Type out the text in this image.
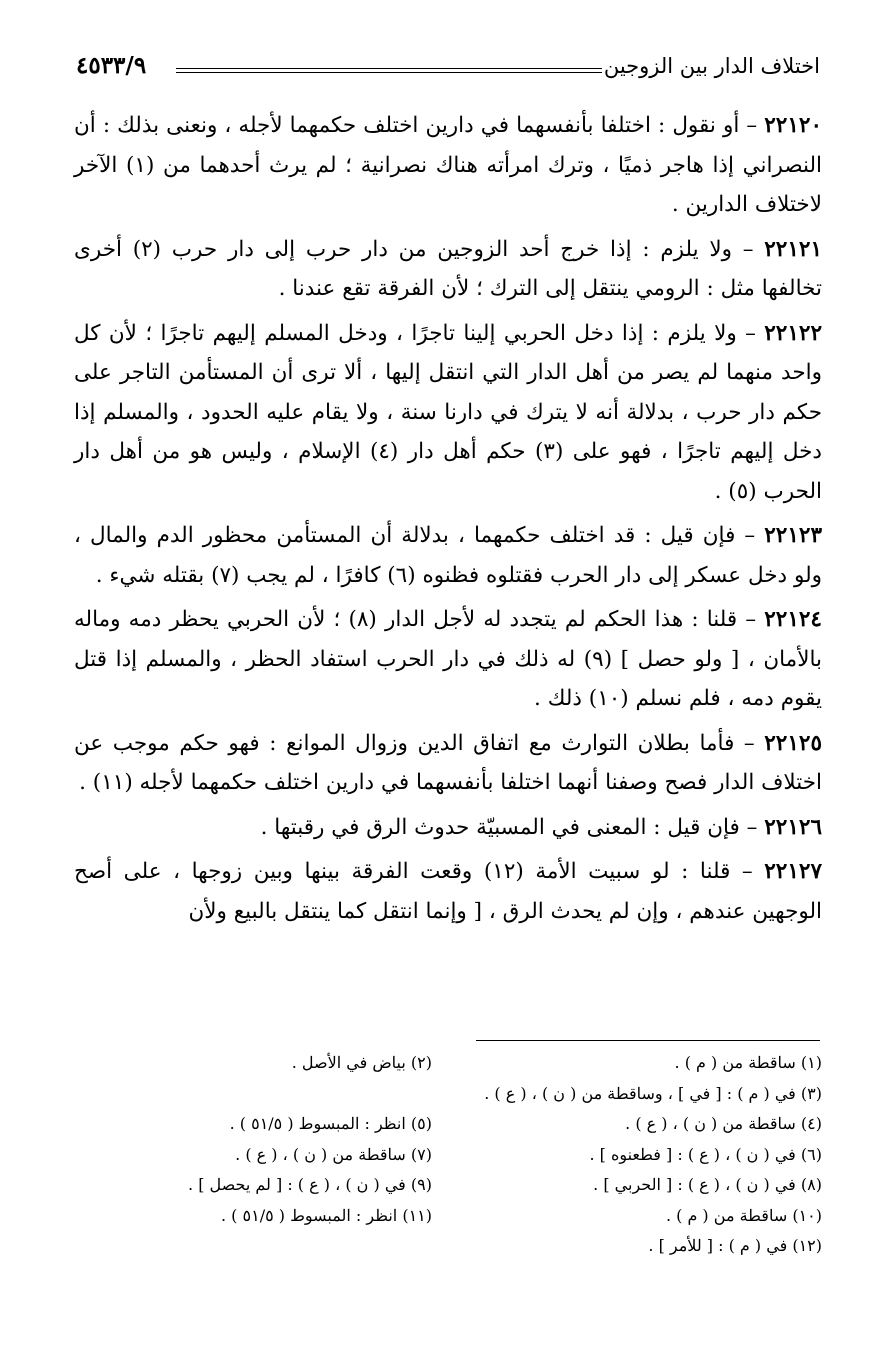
اختلاف الدار بين الزوجين
٤٥٣٣/٩

٢٢١٢٠ – أو نقول : اختلفا بأنفسهما في دارين اختلف حكمهما لأجله ، ونعنى بذلك : أن النصراني إذا هاجر ذميًا ، وترك امرأته هناك نصرانية ؛ لم يرث أحدهما من (١) الآخر لاختلاف الدارين .

٢٢١٢١ – ولا يلزم : إذا خرج أحد الزوجين من دار حرب إلى دار حرب (٢) أخرى تخالفها مثل : الرومي ينتقل إلى الترك ؛ لأن الفرقة تقع عندنا .

٢٢١٢٢ – ولا يلزم : إذا دخل الحربي إلينا تاجرًا ، ودخل المسلم إليهم تاجرًا ؛ لأن كل واحد منهما لم يصر من أهل الدار التي انتقل إليها ، ألا ترى أن المستأمن التاجر على حكم دار حرب ، بدلالة أنه لا يترك في دارنا سنة ، ولا يقام عليه الحدود ، والمسلم إذا دخل إليهم تاجرًا ، فهو على (٣) حكم أهل دار (٤) الإسلام ، وليس هو من أهل دار الحرب (٥) .

٢٢١٢٣ – فإن قيل : قد اختلف حكمهما ، بدلالة أن المستأمن محظور الدم والمال ، ولو دخل عسكر إلى دار الحرب فقتلوه فظنوه (٦) كافرًا ، لم يجب (٧) بقتله شيء .

٢٢١٢٤ – قلنا : هذا الحكم لم يتجدد له لأجل الدار (٨) ؛ لأن الحربي يحظر دمه وماله بالأمان ، [ ولو حصل ] (٩) له ذلك في دار الحرب استفاد الحظر ، والمسلم إذا قتل يقوم دمه ، فلم نسلم (١٠) ذلك .

٢٢١٢٥ – فأما بطلان التوارث مع اتفاق الدين وزوال الموانع : فهو حكم موجب عن اختلاف الدار فصح وصفنا أنهما اختلفا بأنفسهما في دارين اختلف حكمهما لأجله (١١) .

٢٢١٢٦ – فإن قيل : المعنى في المسبيّة حدوث الرق في رقبتها .

٢٢١٢٧ – قلنا : لو سبيت الأمة (١٢) وقعت الفرقة بينها وبين زوجها ، على أصح الوجهين عندهم ، وإن لم يحدث الرق ، [ وإنما انتقل كما ينتقل بالبيع ولأن

(١) ساقطة من ( م ) .
(٢) بياض في الأصل .
(٣) في ( م ) : [ في ] ، وساقطة من ( ن ) ، ( ع ) .
(٤) ساقطة من ( ن ) ، ( ع ) .
(٥) انظر : المبسوط ( ٥١/٥ ) .
(٦) في ( ن ) ، ( ع ) : [ فطعنوه ] .
(٧) ساقطة من ( ن ) ، ( ع ) .
(٨) في ( ن ) ، ( ع ) : [ الحربي ] .
(٩) في ( ن ) ، ( ع ) : [ لم يحصل ] .
(١٠) ساقطة من ( م ) .
(١١) انظر : المبسوط ( ٥١/٥ ) .
(١٢) في ( م ) : [ للأمر ] .
